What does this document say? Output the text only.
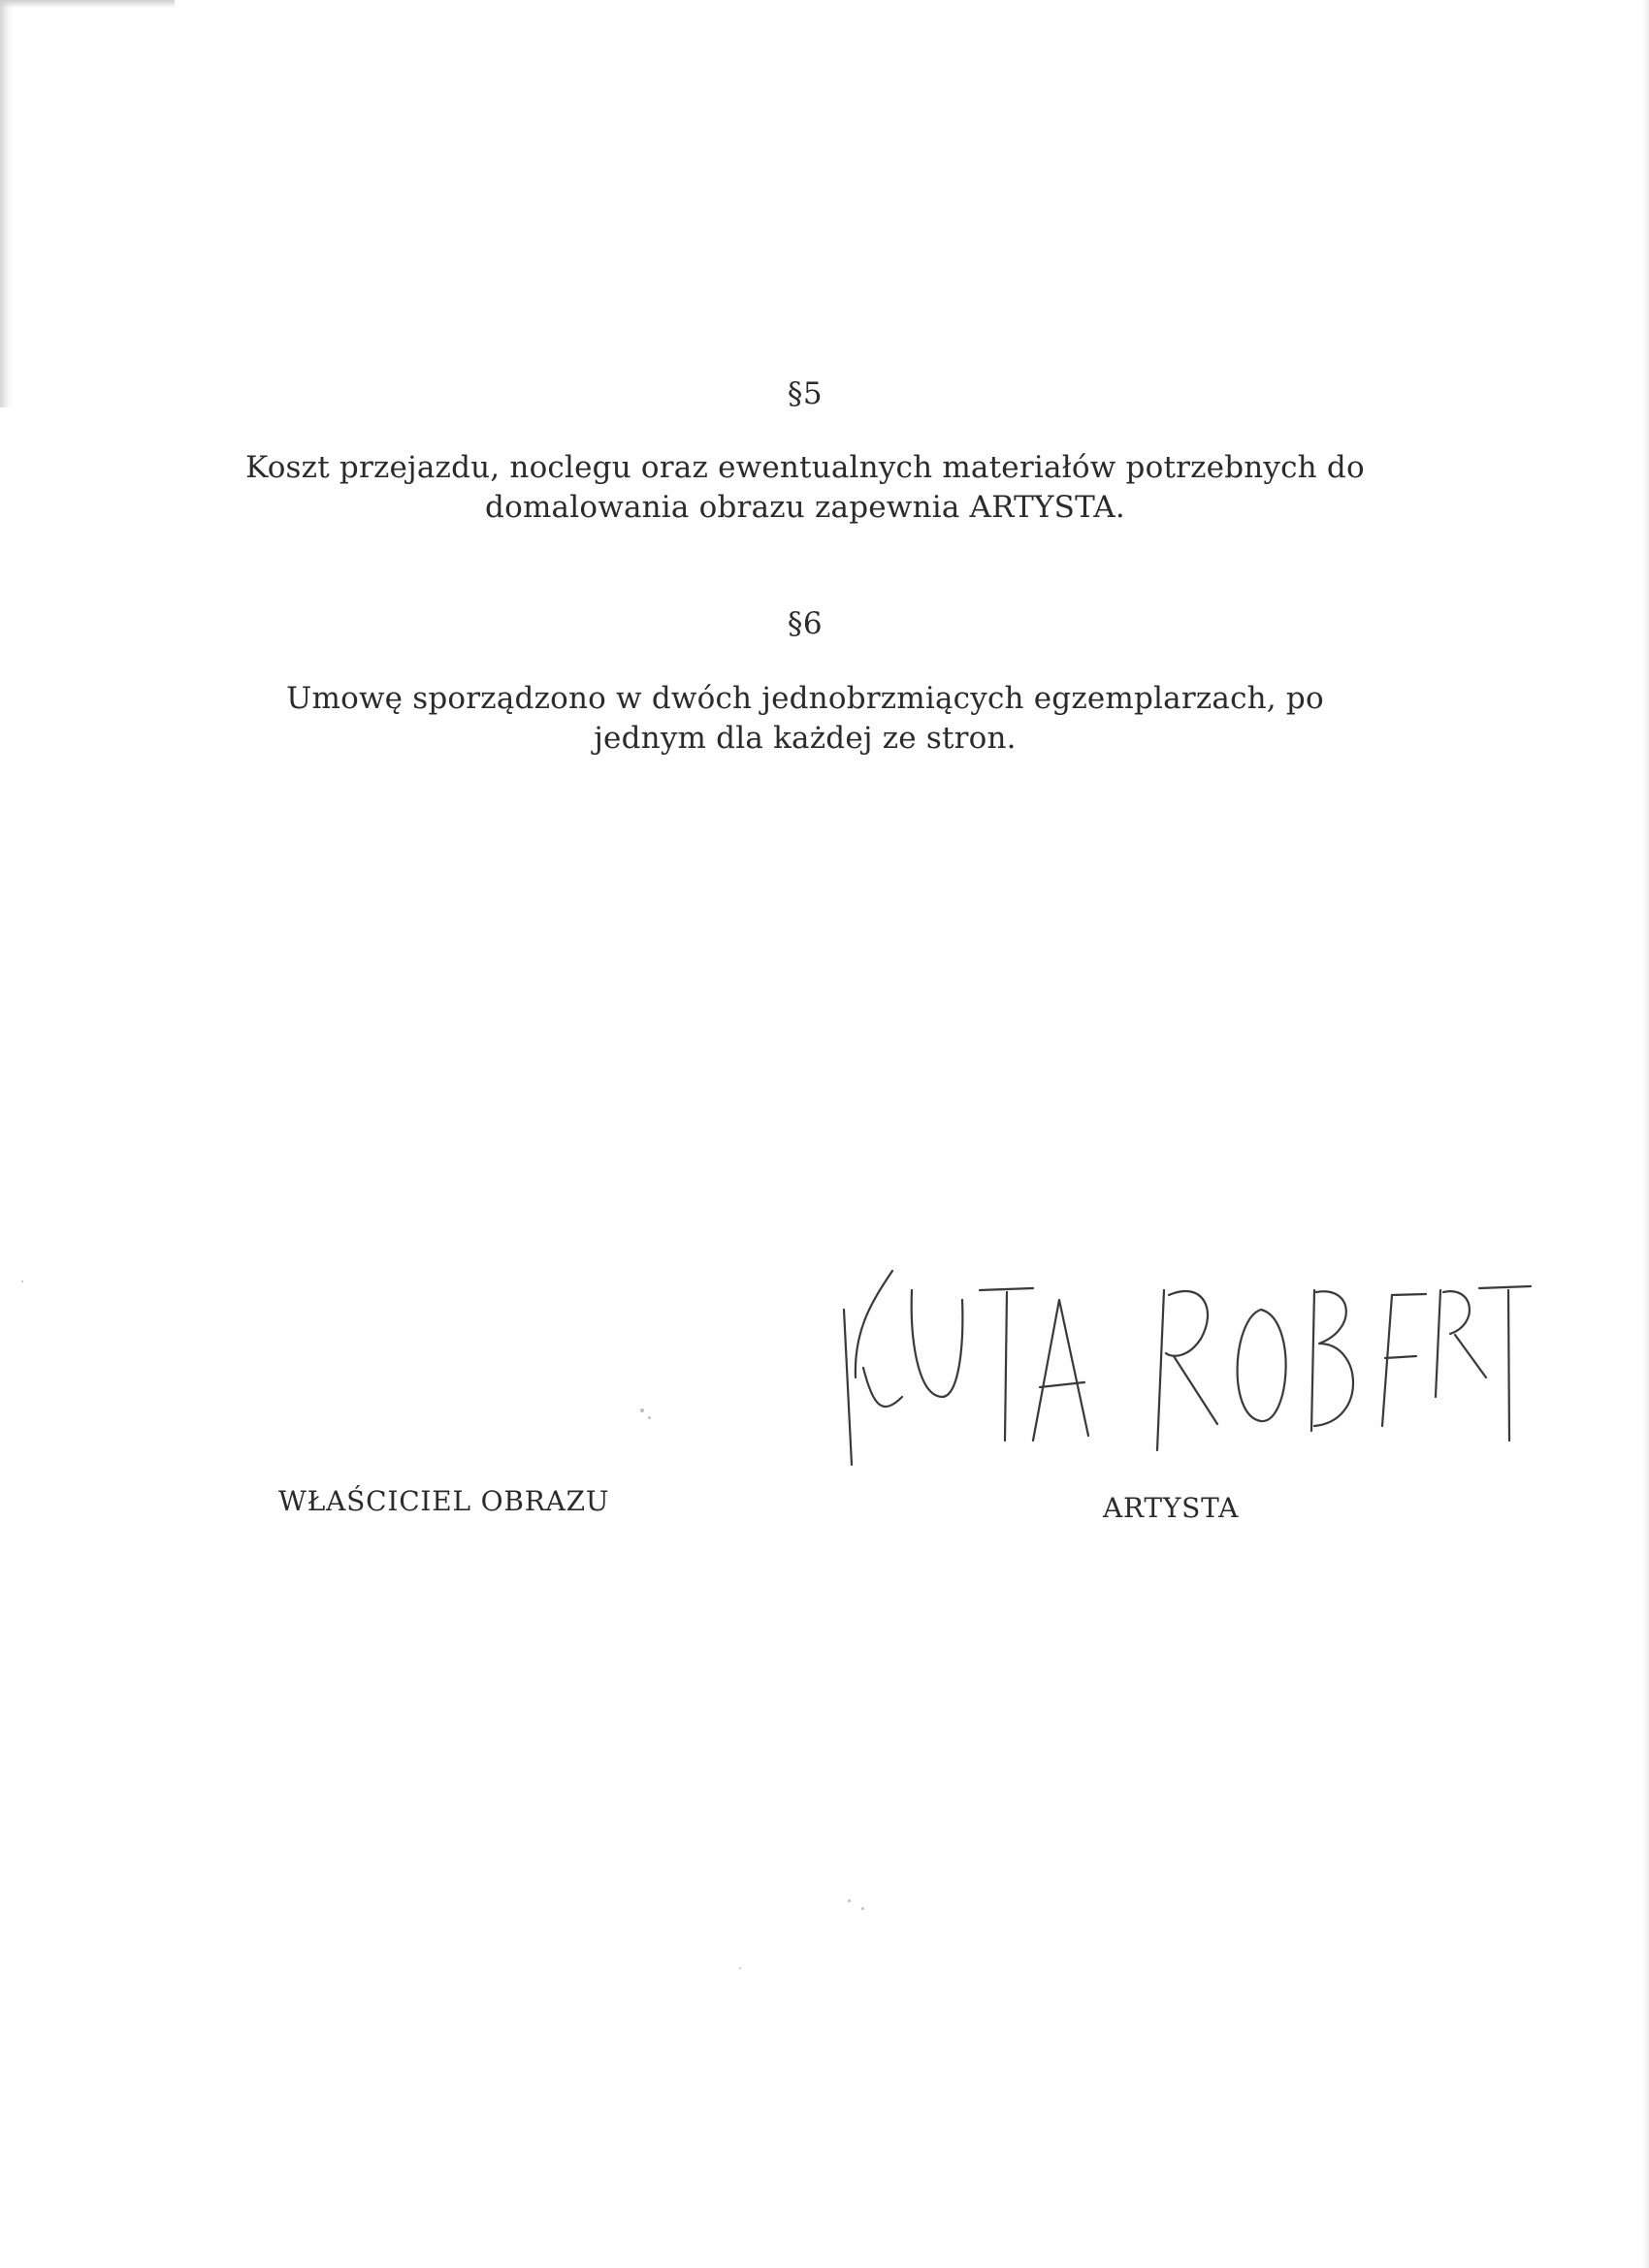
§5
Koszt przejazdu, noclegu oraz ewentualnych materiałów potrzebnych do domalowania obrazu zapewnia ARTYSTA.
§6
Umowę sporządzono w dwóch jednobrzmiących egzemplarzach, po jednym dla każdej ze stron.
WŁAŚCICIEL OBRAZU	ARTYSTA
